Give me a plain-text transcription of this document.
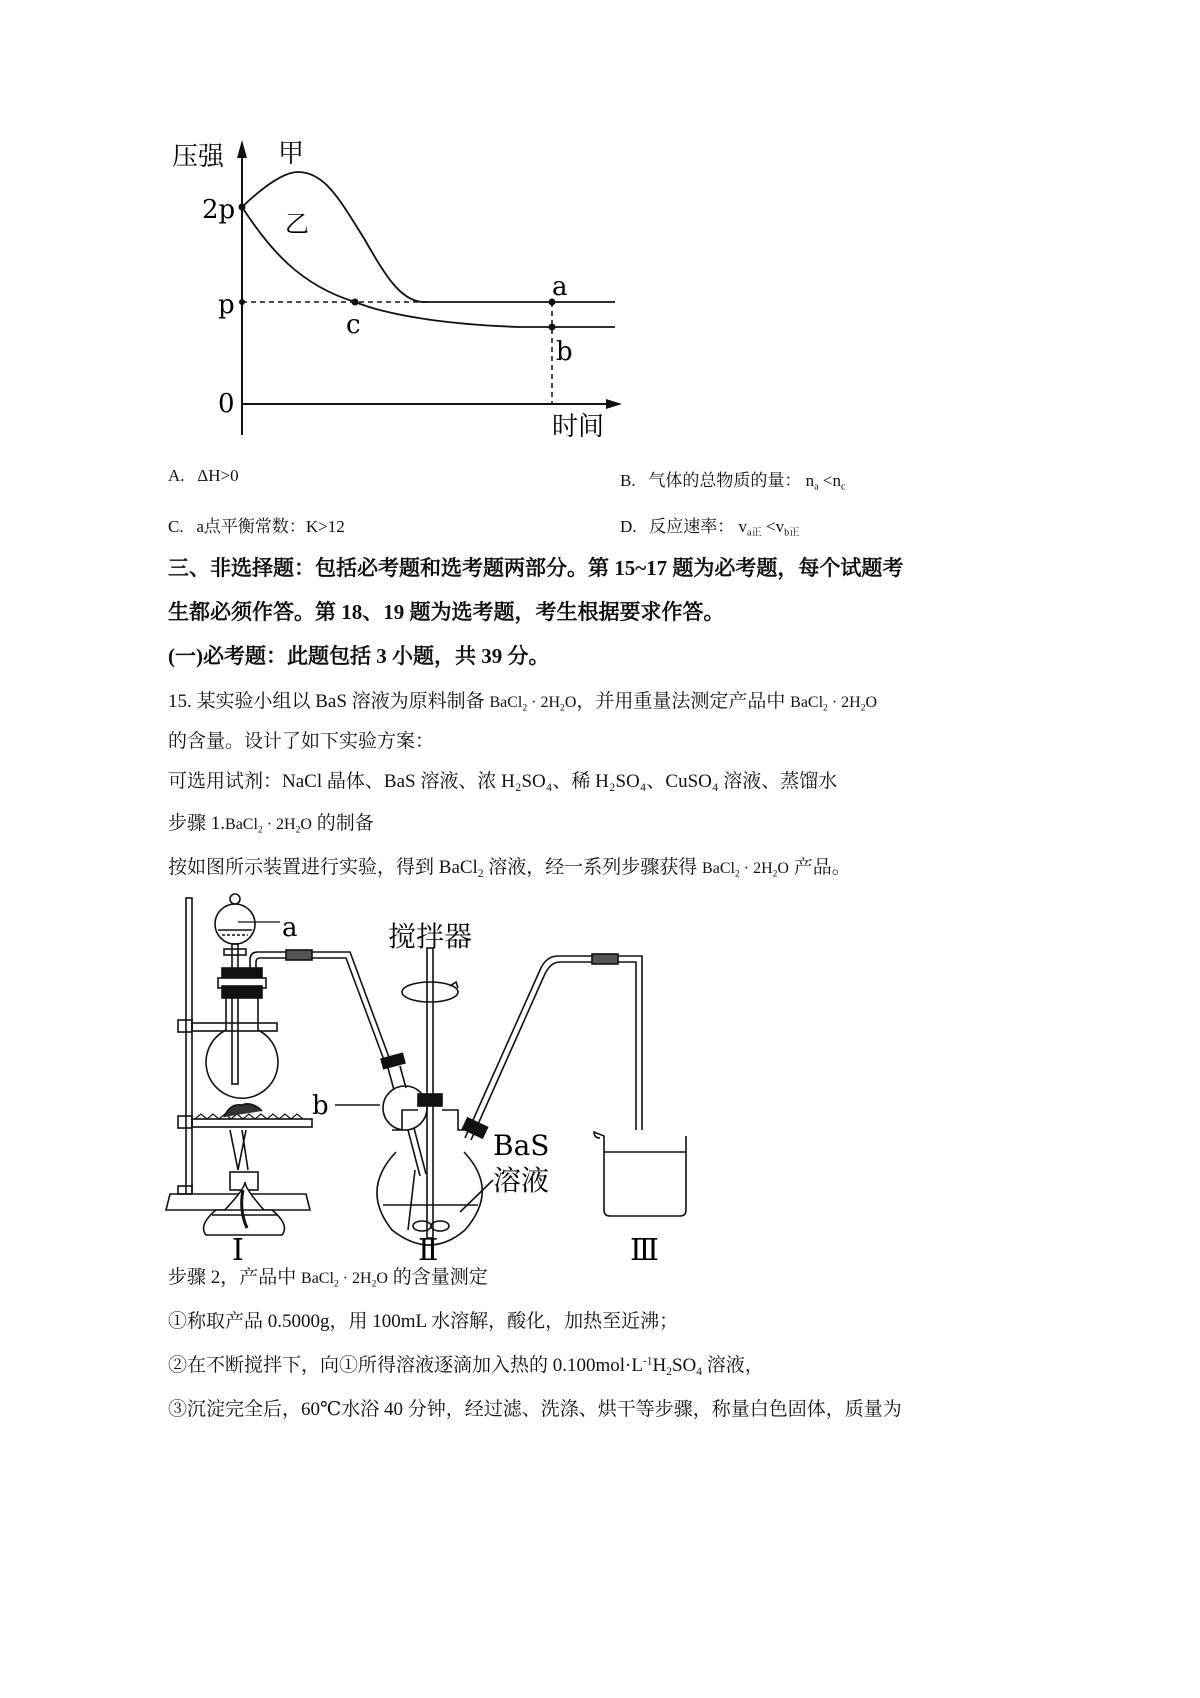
压强 甲
2p 乙
p
c
a
b
0
时间
A. ΔH>0	B. 气体的总物质的量： $n_a <n_c$
C. a点平衡常数：K>12	D. 反应速率： $v_{a正} <v_{b正}$
三、非选择题：包括必考题和选考题两部分。第 15~17 题为必考题，每个试题考
生都必须作答。第 18、19 题为选考题，考生根据要求作答。
(一)必考题：此题包括 3 小题，共 39 分。
15. 某实验小组以 BaS 溶液为原料制备 BaCl$_2$ · $2H_2O$，并用重量法测定产品中 BaCl$_2$ · $2H_2O$
的含量。设计了如下实验方案：
可选用试剂：NaCl 晶体、BaS 溶液、浓 H₂SO₄、稀 H₂SO₄、CuSO₄ 溶液、蒸馏水
步骤 1.BaCl$_2$ · $2H_2O$ 的制备
按如图所示装置进行实验，得到 BaCl$_2$ 溶液，经一系列步骤获得 BaCl$_2$ · $2H_2O$ 产品。
a	搅拌器
b
BaS
溶液
Ⅰ	Ⅱ	Ⅲ
步骤 2，产品中 BaCl$_2$ · $2H_2O$ 的含量测定
①称取产品 0.5000g，用 100mL 水溶解，酸化，加热至近沸；
②在不断搅拌下，向①所得溶液逐滴加入热的 $0.100mol\cdot L^{-1}H_2SO_4$ 溶液，
③沉淀完全后，60℃水浴 40 分钟，经过滤、洗涤、烘干等步骤，称量白色固体，质量为
